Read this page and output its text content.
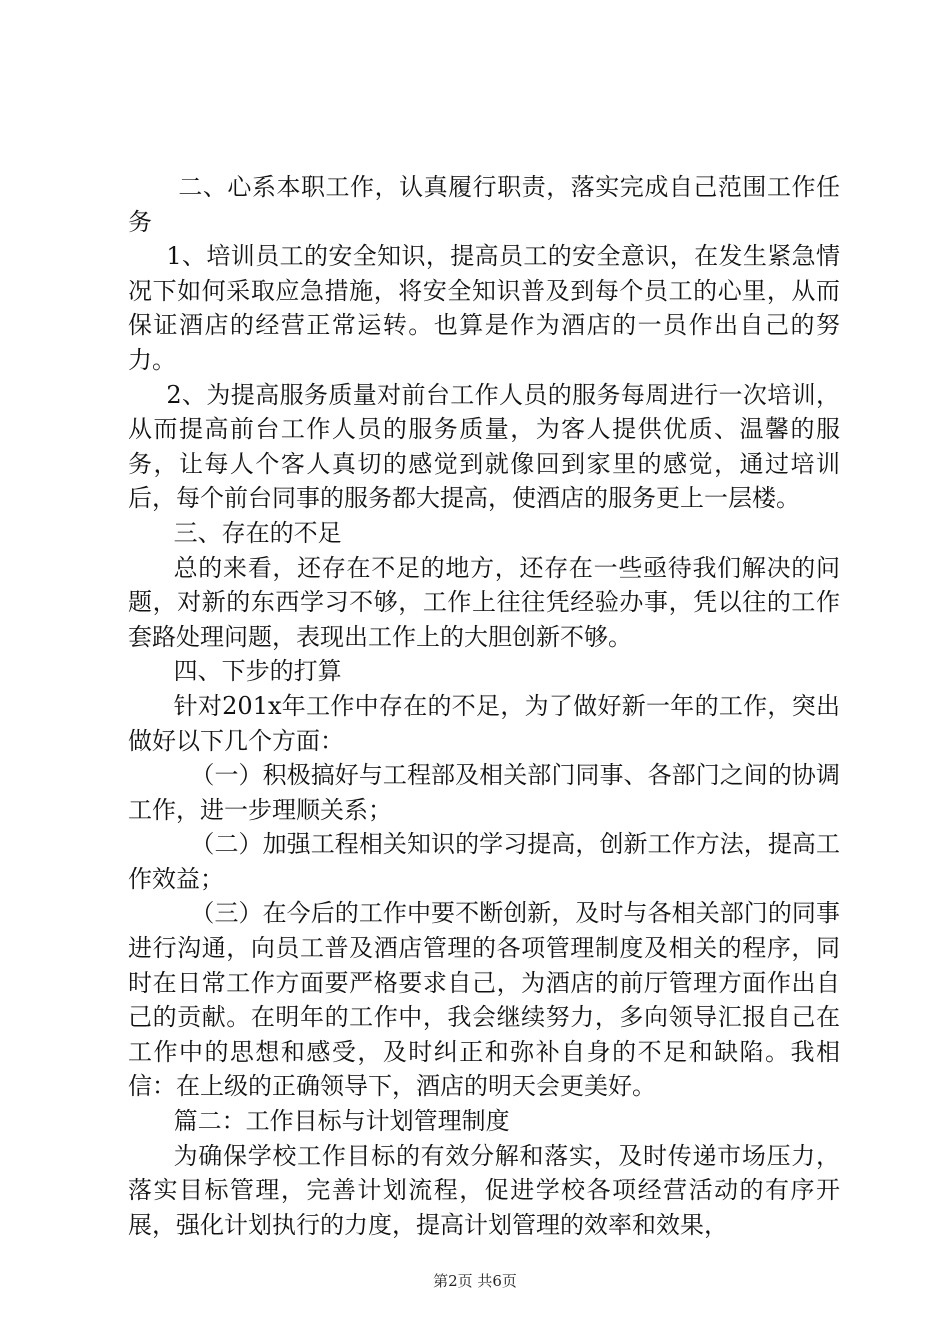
二、心系本职工作，认真履行职责，落实完成自己范围工作任务

1、培训员工的安全知识，提高员工的安全意识，在发生紧急情况下如何采取应急措施，将安全知识普及到每个员工的心里，从而保证酒店的经营正常运转。也算是作为酒店的一员作出自己的努力。

2、为提高服务质量对前台工作人员的服务每周进行一次培训，从而提高前台工作人员的服务质量，为客人提供优质、温馨的服务，让每人个客人真切的感觉到就像回到家里的感觉，通过培训后，每个前台同事的服务都大提高，使酒店的服务更上一层楼。

三、存在的不足

总的来看，还存在不足的地方，还存在一些亟待我们解决的问题，对新的东西学习不够，工作上往往凭经验办事，凭以往的工作套路处理问题，表现出工作上的大胆创新不够。

四、下步的打算

针对201x年工作中存在的不足，为了做好新一年的工作，突出做好以下几个方面：

（一）积极搞好与工程部及相关部门同事、各部门之间的协调工作，进一步理顺关系；

（二）加强工程相关知识的学习提高，创新工作方法，提高工作效益；

（三）在今后的工作中要不断创新，及时与各相关部门的同事进行沟通，向员工普及酒店管理的各项管理制度及相关的程序，同时在日常工作方面要严格要求自己，为酒店的前厅管理方面作出自己的贡献。在明年的工作中，我会继续努力，多向领导汇报自己在工作中的思想和感受，及时纠正和弥补自身的不足和缺陷。我相信：在上级的正确领导下，酒店的明天会更美好。

篇二：工作目标与计划管理制度

为确保学校工作目标的有效分解和落实，及时传递市场压力，落实目标管理，完善计划流程，促进学校各项经营活动的有序开展，强化计划执行的力度，提高计划管理的效率和效果，

第2页 共6页
